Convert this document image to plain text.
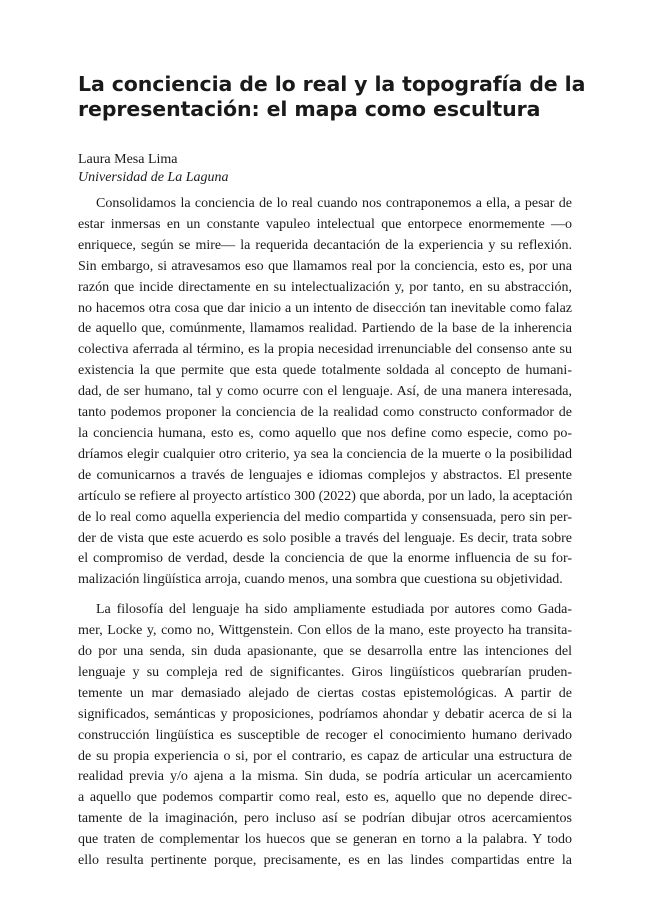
La conciencia de lo real y la topografía de la representación: el mapa como escultura

Laura Mesa Lima

Universidad de La Laguna

Consolidamos la conciencia de lo real cuando nos contraponemos a ella, a pesar de
estar inmersas en un constante vapuleo intelectual que entorpece enormemente —o
enriquece, según se mire— la requerida decantación de la experiencia y su reflexión.
Sin embargo, si atravesamos eso que llamamos real por la conciencia, esto es, por una
razón que incide directamente en su intelectualización y, por tanto, en su abstracción,
no hacemos otra cosa que dar inicio a un intento de disección tan inevitable como falaz
de aquello que, comúnmente, llamamos realidad. Partiendo de la base de la inherencia
colectiva aferrada al término, es la propia necesidad irrenunciable del consenso ante su
existencia la que permite que esta quede totalmente soldada al concepto de humani-
dad, de ser humano, tal y como ocurre con el lenguaje. Así, de una manera interesada,
tanto podemos proponer la conciencia de la realidad como constructo conformador de
la conciencia humana, esto es, como aquello que nos define como especie, como po-
dríamos elegir cualquier otro criterio, ya sea la conciencia de la muerte o la posibilidad
de comunicarnos a través de lenguajes e idiomas complejos y abstractos. El presente
artículo se refiere al proyecto artístico 300 (2022) que aborda, por un lado, la aceptación
de lo real como aquella experiencia del medio compartida y consensuada, pero sin per-
der de vista que este acuerdo es solo posible a través del lenguaje. Es decir, trata sobre
el compromiso de verdad, desde la conciencia de que la enorme influencia de su for-
malización lingüística arroja, cuando menos, una sombra que cuestiona su objetividad.

La filosofía del lenguaje ha sido ampliamente estudiada por autores como Gada-
mer, Locke y, como no, Wittgenstein. Con ellos de la mano, este proyecto ha transita-
do por una senda, sin duda apasionante, que se desarrolla entre las intenciones del
lenguaje y su compleja red de significantes. Giros lingüísticos quebrarían pruden-
temente un mar demasiado alejado de ciertas costas epistemológicas. A partir de
significados, semánticas y proposiciones, podríamos ahondar y debatir acerca de si la
construcción lingüística es susceptible de recoger el conocimiento humano derivado
de su propia experiencia o si, por el contrario, es capaz de articular una estructura de
realidad previa y/o ajena a la misma. Sin duda, se podría articular un acercamiento
a aquello que podemos compartir como real, esto es, aquello que no depende direc-
tamente de la imaginación, pero incluso así se podrían dibujar otros acercamientos
que traten de complementar los huecos que se generan en torno a la palabra. Y todo
ello resulta pertinente porque, precisamente, es en las lindes compartidas entre la
